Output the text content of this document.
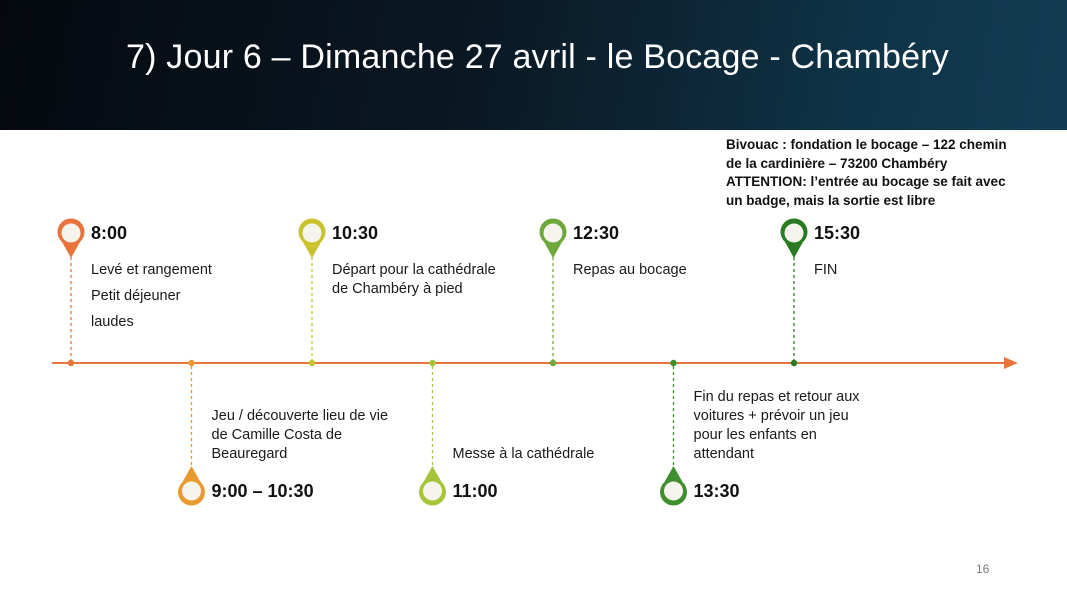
7) Jour 6 – Dimanche 27 avril - le Bocage - Chambéry
Bivouac : fondation le bocage – 122 chemin
de la cardinière – 73200 Chambéry
ATTENTION: l’entrée au bocage se fait avec
un badge, mais la sortie est libre
8:00
Levé et rangement
Petit déjeuner
laudes
9:00 – 10:30
Jeu / découverte lieu de vie
de Camille Costa de
Beauregard
10:30
Départ pour la cathédrale
de Chambéry à pied
11:00
Messe à la cathédrale
12:30
Repas au bocage
13:30
Fin du repas et retour aux
voitures + prévoir un jeu
pour les enfants en
attendant
15:30
FIN
16
